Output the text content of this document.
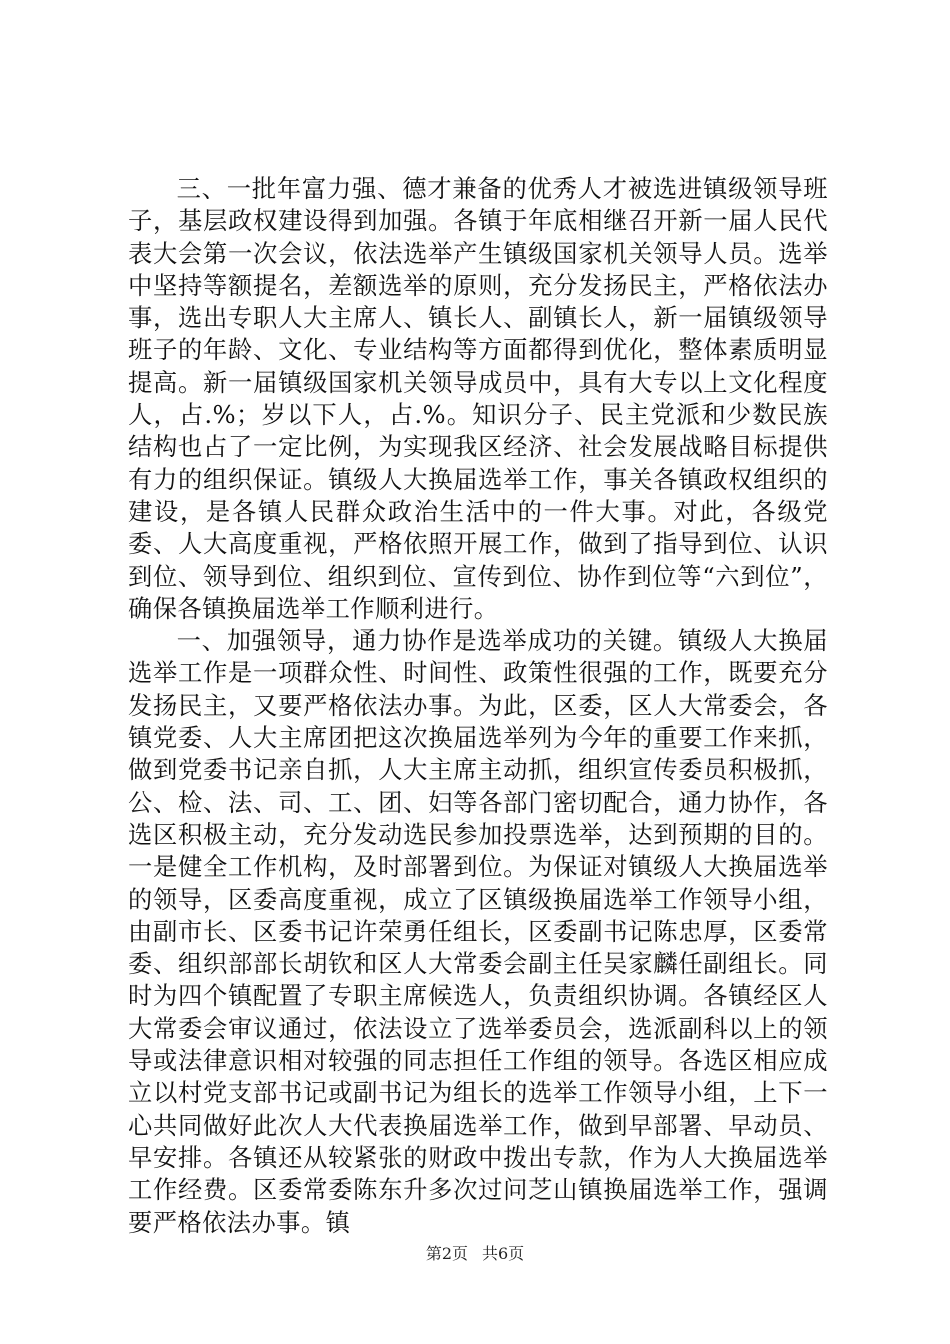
三、一批年富力强、德才兼备的优秀人才被选进镇级领导班子，基层政权建设得到加强。各镇于年底相继召开新一届人民代表大会第一次会议，依法选举产生镇级国家机关领导人员。选举中坚持等额提名，差额选举的原则，充分发扬民主，严格依法办事，选出专职人大主席人、镇长人、副镇长人，新一届镇级领导班子的年龄、文化、专业结构等方面都得到优化，整体素质明显提高。新一届镇级国家机关领导成员中，具有大专以上文化程度人，占.%；岁以下人，占.%。知识分子、民主党派和少数民族结构也占了一定比例，为实现我区经济、社会发展战略目标提供有力的组织保证。镇级人大换届选举工作，事关各镇政权组织的建设，是各镇人民群众政治生活中的一件大事。对此，各级党委、人大高度重视，严格依照开展工作，做到了指导到位、认识到位、领导到位、组织到位、宣传到位、协作到位等“六到位”，确保各镇换届选举工作顺利进行。

一、加强领导，通力协作是选举成功的关键。镇级人大换届选举工作是一项群众性、时间性、政策性很强的工作，既要充分发扬民主，又要严格依法办事。为此，区委，区人大常委会，各镇党委、人大主席团把这次换届选举列为今年的重要工作来抓，做到党委书记亲自抓，人大主席主动抓，组织宣传委员积极抓，公、检、法、司、工、团、妇等各部门密切配合，通力协作，各选区积极主动，充分发动选民参加投票选举，达到预期的目的。一是健全工作机构，及时部署到位。为保证对镇级人大换届选举的领导，区委高度重视，成立了区镇级换届选举工作领导小组，由副市长、区委书记许荣勇任组长，区委副书记陈忠厚，区委常委、组织部部长胡钦和区人大常委会副主任吴家麟任副组长。同时为四个镇配置了专职主席候选人，负责组织协调。各镇经区人大常委会审议通过，依法设立了选举委员会，选派副科以上的领导或法律意识相对较强的同志担任工作组的领导。各选区相应成立以村党支部书记或副书记为组长的选举工作领导小组，上下一心共同做好此次人大代表换届选举工作，做到早部署、早动员、早安排。各镇还从较紧张的财政中拨出专款，作为人大换届选举工作经费。区委常委陈东升多次过问芝山镇换届选举工作，强调要严格依法办事。镇

第2页 共6页
